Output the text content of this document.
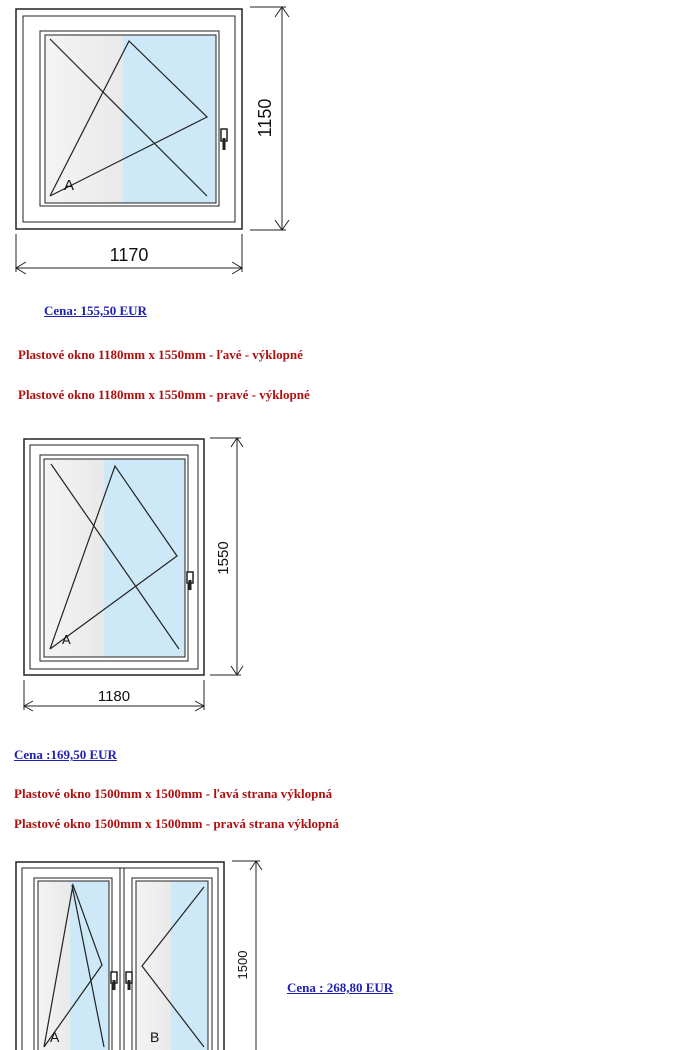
A
1150
1170
Cena: 155,50 EUR
Plastové okno 1180mm x 1550mm - ľavé - výklopné
Plastové okno 1180mm x 1550mm - pravé - výklopné
A
1550
1180
Cena :169,50 EUR
Plastové okno 1500mm x 1500mm - ľavá strana výklopná
Plastové okno 1500mm x 1500mm - pravá strana výklopná
A	B
1500
Cena : 268,80 EUR
